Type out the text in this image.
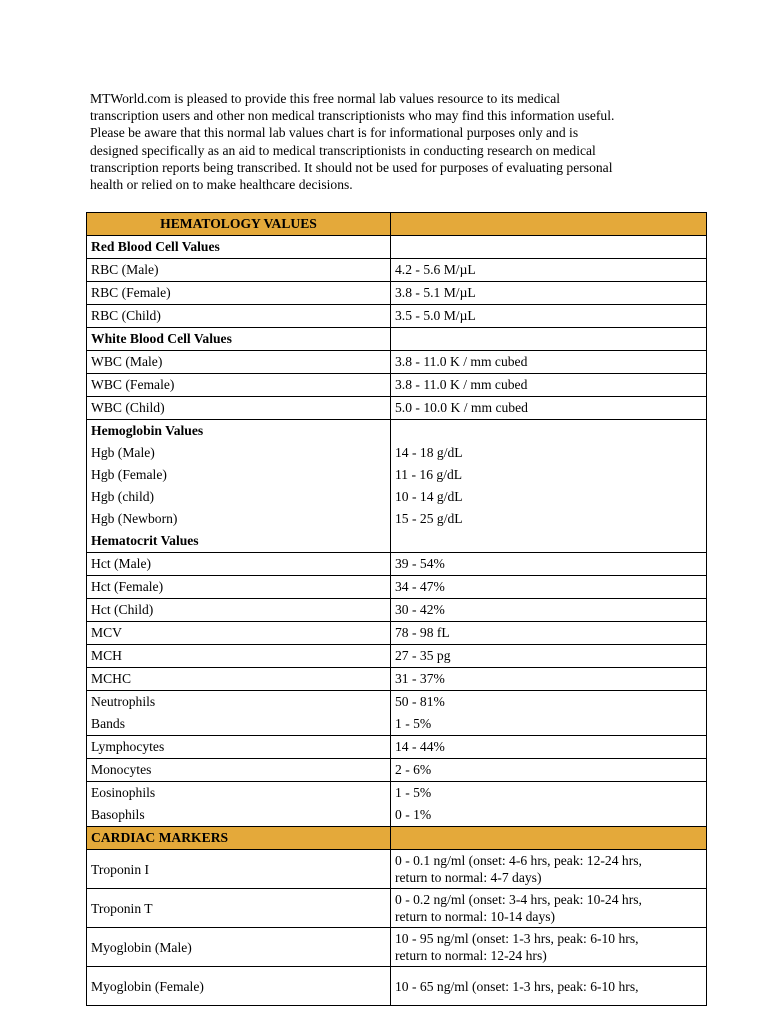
MTWorld.com is pleased to provide this free normal lab values resource to its medical
transcription users and other non medical transcriptionists who may find this information useful.
Please be aware that this normal lab values chart is for informational purposes only and is
designed specifically as an aid to medical transcriptionists in conducting research on medical
transcription reports being transcribed. It should not be used for purposes of evaluating personal
health or relied on to make healthcare decisions.
HEMATOLOGY VALUES	
Red Blood Cell Values	
RBC (Male)	4.2 - 5.6 M/µL
RBC (Female)	3.8 - 5.1 M/µL
RBC (Child)	3.5 - 5.0 M/µL
White Blood Cell Values	
WBC (Male)	3.8 - 11.0 K / mm cubed
WBC (Female)	3.8 - 11.0 K / mm cubed
WBC (Child)	5.0 - 10.0 K / mm cubed
Hemoglobin Values	
Hgb (Male)	14 - 18 g/dL
Hgb (Female)	11 - 16 g/dL
Hgb (child)	10 - 14 g/dL
Hgb (Newborn)	15 - 25 g/dL
Hematocrit Values	
Hct (Male)	39 - 54%
Hct (Female)	34 - 47%
Hct (Child)	30 - 42%
MCV	78 - 98 fL
MCH	27 - 35 pg
MCHC	31 - 37%
Neutrophils	50 - 81%
Bands	1 - 5%
Lymphocytes	14 - 44%
Monocytes	2 - 6%
Eosinophils	1 - 5%
Basophils	0 - 1%
CARDIAC MARKERS	
Troponin I	0 - 0.1 ng/ml (onset: 4-6 hrs, peak: 12-24 hrs,
return to normal: 4-7 days)

Troponin T	0 - 0.2 ng/ml (onset: 3-4 hrs, peak: 10-24 hrs,
return to normal: 10-14 days)

Myoglobin (Male)	10 - 95 ng/ml (onset: 1-3 hrs, peak: 6-10 hrs,
return to normal: 12-24 hrs)

Myoglobin (Female)	10 - 65 ng/ml (onset: 1-3 hrs, peak: 6-10 hrs,
